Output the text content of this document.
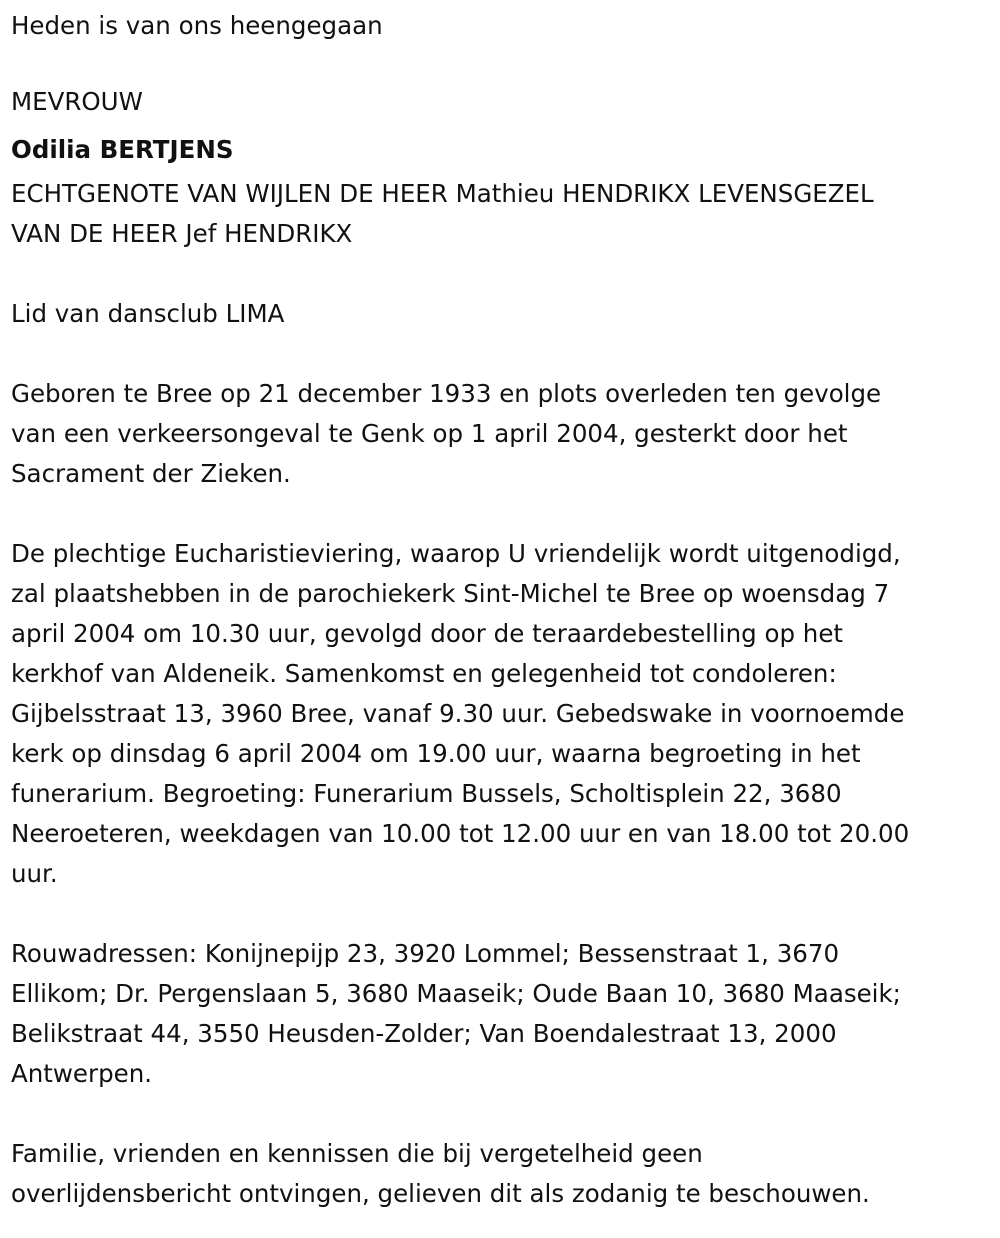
Heden is van ons heengegaan

MEVROUW

Odilia BERTJENS

ECHTGENOTE VAN WIJLEN DE HEER Mathieu HENDRIKX LEVENSGEZEL

VAN DE HEER Jef HENDRIKX

Lid van dansclub LIMA

Geboren te Bree op 21 december 1933 en plots overleden ten gevolge

van een verkeersongeval te Genk op 1 april 2004, gesterkt door het

Sacrament der Zieken.

De plechtige Eucharistieviering, waarop U vriendelijk wordt uitgenodigd,

zal plaatshebben in de parochiekerk Sint-Michel te Bree op woensdag 7

april 2004 om 10.30 uur, gevolgd door de teraardebestelling op het

kerkhof van Aldeneik. Samenkomst en gelegenheid tot condoleren:

Gijbelsstraat 13, 3960 Bree, vanaf 9.30 uur. Gebedswake in voornoemde

kerk op dinsdag 6 april 2004 om 19.00 uur, waarna begroeting in het

funerarium. Begroeting: Funerarium Bussels, Scholtisplein 22, 3680

Neeroeteren, weekdagen van 10.00 tot 12.00 uur en van 18.00 tot 20.00

uur.

Rouwadressen: Konijnepijp 23, 3920 Lommel; Bessenstraat 1, 3670

Ellikom; Dr. Pergenslaan 5, 3680 Maaseik; Oude Baan 10, 3680 Maaseik;

Belikstraat 44, 3550 Heusden-Zolder; Van Boendalestraat 13, 2000

Antwerpen.

Familie, vrienden en kennissen die bij vergetelheid geen

overlijdensbericht ontvingen, gelieven dit als zodanig te beschouwen.
